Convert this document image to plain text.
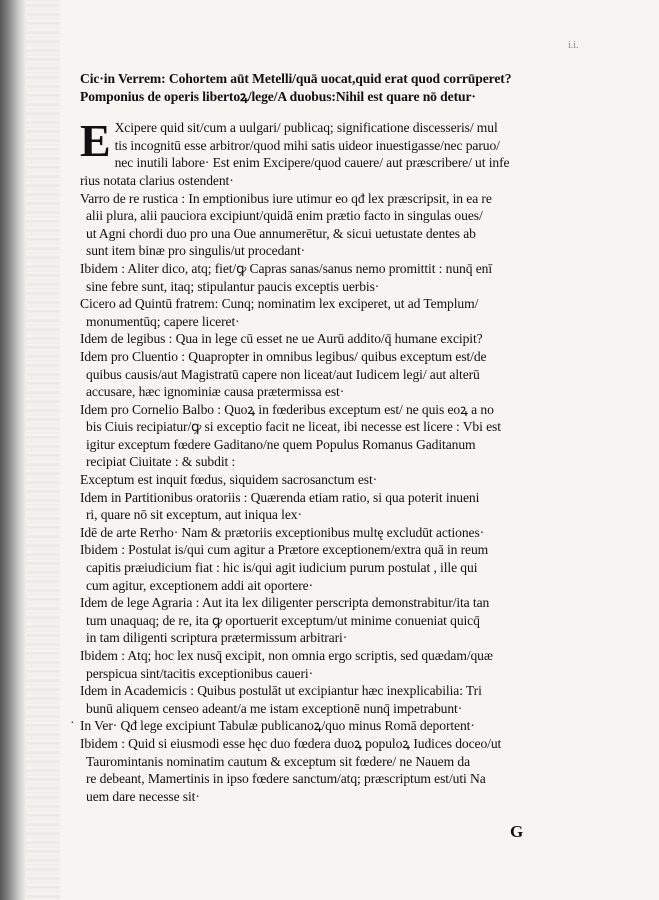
i.i.
·
Cic·in Verrem: Cohortem aūt Metelli/quā uocat,quid erat quod corrūperet?
Pomponius de operis libertoꝝ/lege/A duobus:Nihil est quare nō detur·
E Xcipere quid sit/cum a uulgari/ publicaq; significatione discesseris/ mul
tis incognitū esse arbitror/quod mihi satis uideor inuestigasse/nec paruo/
nec inutili labore· Est enim Excipere/quod cauere/ aut præscribere/ ut infe
rius notata clarius ostendent·
Varro de re rustica : In emptionibus iure utimur eo qđ lex præscripsit, in ea re
alii plura, alii pauciora excipiunt/quidā enim prætio facto in singulas oues/
ut Agni chordi duo pro una Oue annumerētur, & sicui uetustate dentes ab
sunt item binæ pro singulis/ut procedant·
Ibidem : Aliter dico, atq; fiet/ꝙ Capras sanas/sanus nemo promittit : nunq̄ enī
sine febre sunt, itaq; stipulantur paucis exceptis uerbis·
Cicero ad Quintū fratrem: Cunq; nominatim lex exciperet, ut ad Templum/
monumentūq; capere liceret·
Idem de legibus : Qua in lege cū esset ne ue Aurū addito/q̄ humane excipit?
Idem pro Cluentio : Quapropter in omnibus legibus/ quibus exceptum est/de
quibus causis/aut Magistratū capere non liceat/aut Iudicem legi/ aut alterū
accusare, hæc ignominiæ causa prætermissa est·
Idem pro Cornelio Balbo : Quoꝝ in fœderibus exceptum est/ ne quis eoꝝ a no
bis Ciuis recipiatur/ꝙ si exceptio facit ne liceat, ibi necesse est licere : Vbi est
igitur exceptum fœdere Gaditano/ne quem Populus Romanus Gaditanum
recipiat Ciuitate : & subdit :
Exceptum est inquit fœdus, siquidem sacrosanctum est·
Idem in Partitionibus oratoriis : Quærenda etiam ratio, si qua poterit inueni
ri, quare nō sit exceptum, aut iniqua lex·
Idē de arte Rетho· Nam & prætoriis exceptionibus multę excludūt actiones·
Ibidem : Postulat is/qui cum agitur a Prætore exceptionem/extra quā in reum
capitis præiudicium fiat : hic is/qui agit iudicium purum postulat , ille qui
cum agitur, exceptionem addi ait oportere·
Idem de lege Agraria : Aut ita lex diligenter perscripta demonstrabitur/ita tan
tum unaquaq; de re, ita ꝙ oportuerit exceptum/ut minime conueniat quicq̄
in tam diligenti scriptura prætermissum arbitrari·
Ibidem : Atq; hoc lex nusq̄ excipit, non omnia ergo scriptis, sed quædam/quæ
perspicua sint/tacitis exceptionibus caueri·
Idem in Academicis : Quibus postulāt ut excipiantur hæc inexplicabilia: Tri
bunū aliquem censeo adeant/a me istam exceptionē nunq̄ impetrabunt·
In Ver· Qđ lege excipiunt Tabulæ publicanoꝝ/quo minus Romā deportent·
Ibidem : Quid si eiusmodi esse hęc duo fœdera duoꝝ populoꝝ Iudices doceo/ut
Tauromintanis nominatim cautum & exceptum sit fœdere/ ne Nauem da
re debeant, Mamertinis in ipso fœdere sanctum/atq; præscriptum est/uti Na
uem dare necesse sit·
G
